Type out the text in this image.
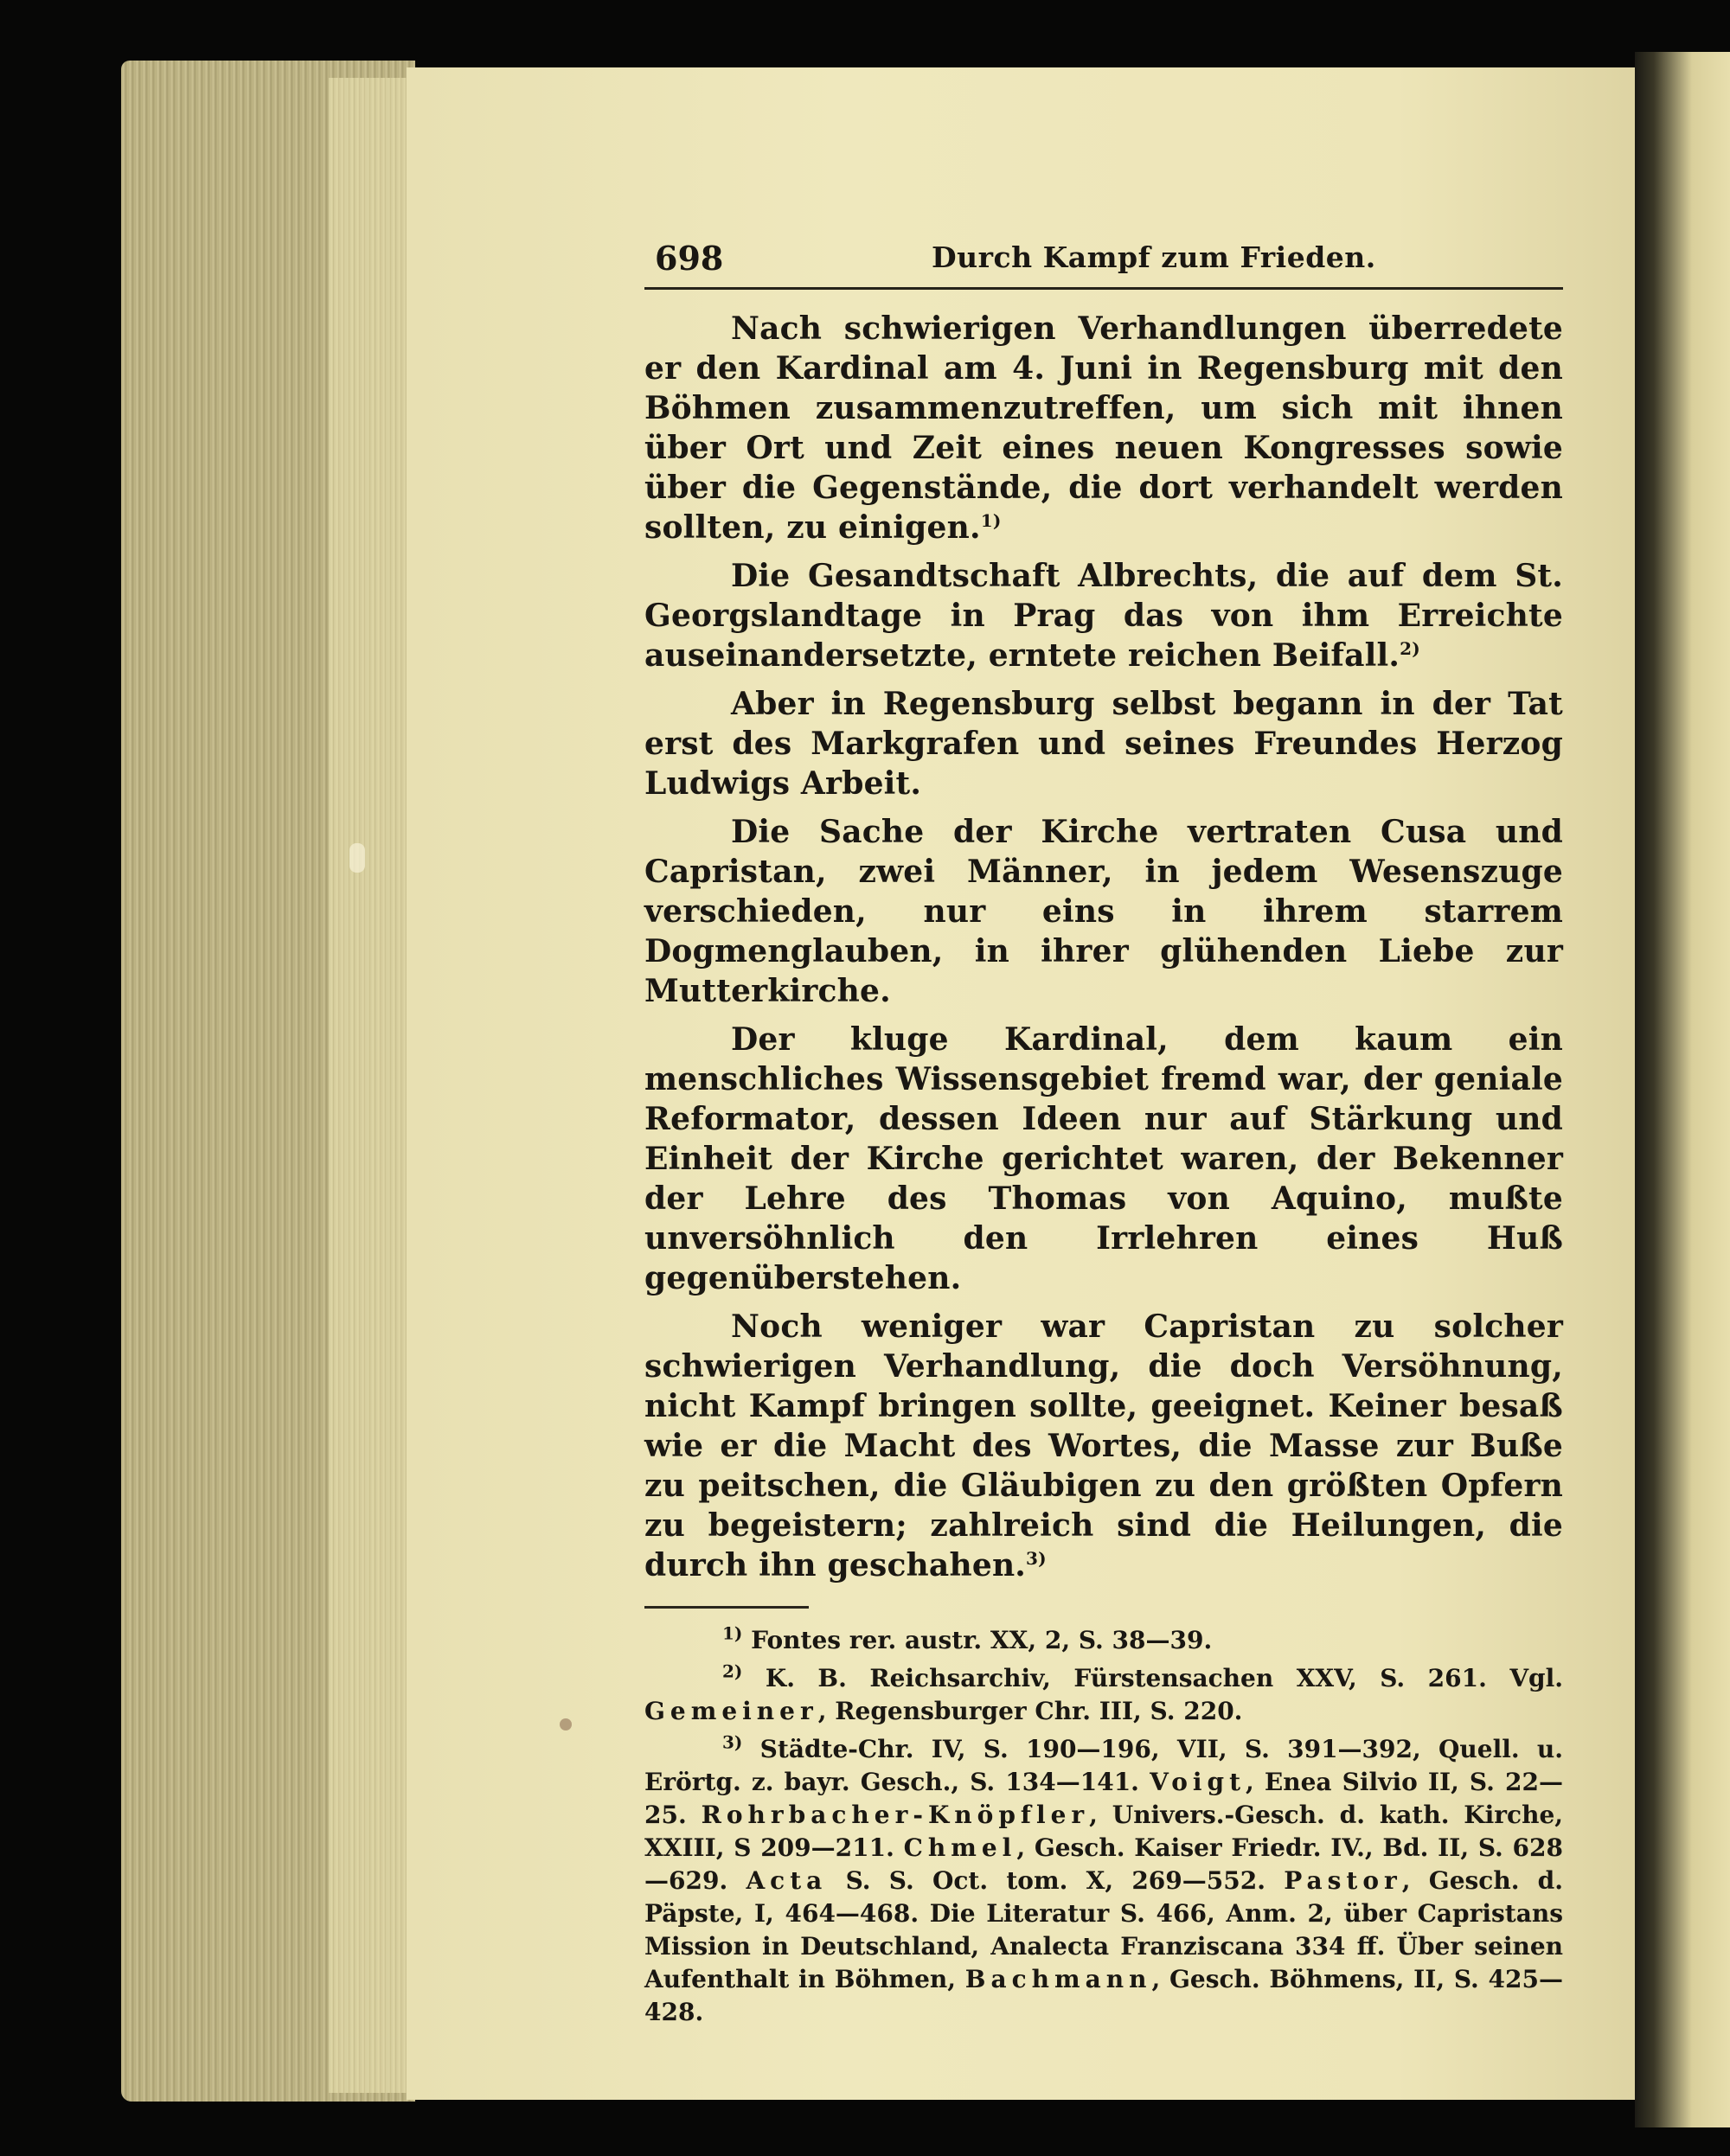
698	Durch Kampf zum Frieden.

Nach schwierigen Verhandlungen überredete er den Kardinal am 4. Juni in Regensburg mit den Böhmen zusammenzutreffen, um sich mit ihnen über Ort und Zeit eines neuen Kongresses sowie über die Gegenstände, die dort verhandelt werden sollten, zu einigen.$^{1)}$

Die Gesandtschaft Albrechts, die auf dem St. Georgslandtage in Prag das von ihm Erreichte auseinandersetzte, erntete reichen Beifall.$^{2)}$

Aber in Regensburg selbst begann in der Tat erst des Markgrafen und seines Freundes Herzog Ludwigs Arbeit.

Die Sache der Kirche vertraten Cusa und Capristan, zwei Männer, in jedem Wesenszuge verschieden, nur eins in ihrem starrem Dogmenglauben, in ihrer glühenden Liebe zur Mutterkirche.

Der kluge Kardinal, dem kaum ein menschliches Wissensgebiet fremd war, der geniale Reformator, dessen Ideen nur auf Stärkung und Einheit der Kirche gerichtet waren, der Bekenner der Lehre des Thomas von Aquino, mußte unversöhnlich den Irrlehren eines Huß gegenüberstehen.

Noch weniger war Capristan zu solcher schwierigen Verhandlung, die doch Versöhnung, nicht Kampf bringen sollte, geeignet. Keiner besaß wie er die Macht des Wortes, die Masse zur Buße zu peitschen, die Gläubigen zu den größten Opfern zu begeistern; zahlreich sind die Heilungen, die durch ihn geschahen.$^{3)}$

$^{1)}$ Fontes rer. austr. XX, 2, S. 38—39.

$^{2)}$ K. B. Reichsarchiv, Fürstensachen XXV, S. 261. Vgl. Gemeiner, Regensburger Chr. III, S. 220.

$^{3)}$ Städte-Chr. IV, S. 190—196, VII, S. 391—392, Quell. u. Erörtg. z. bayr. Gesch., S. 134—141. Voigt, Enea Silvio II, S. 22—25. Rohrbacher-Knöpfler, Univers.-Gesch. d. kath. Kirche, XXIII, S 209—211. Chmel, Gesch. Kaiser Friedr. IV., Bd. II, S. 628—629. Acta S. S. Oct. tom. X, 269—552. Pastor, Gesch. d. Päpste, I, 464—468. Die Literatur S. 466, Anm. 2, über Capristans Mission in Deutschland, Analecta Franziscana 334 ff. Über seinen Aufenthalt in Böhmen, Bachmann, Gesch. Böhmens, II, S. 425—428.
